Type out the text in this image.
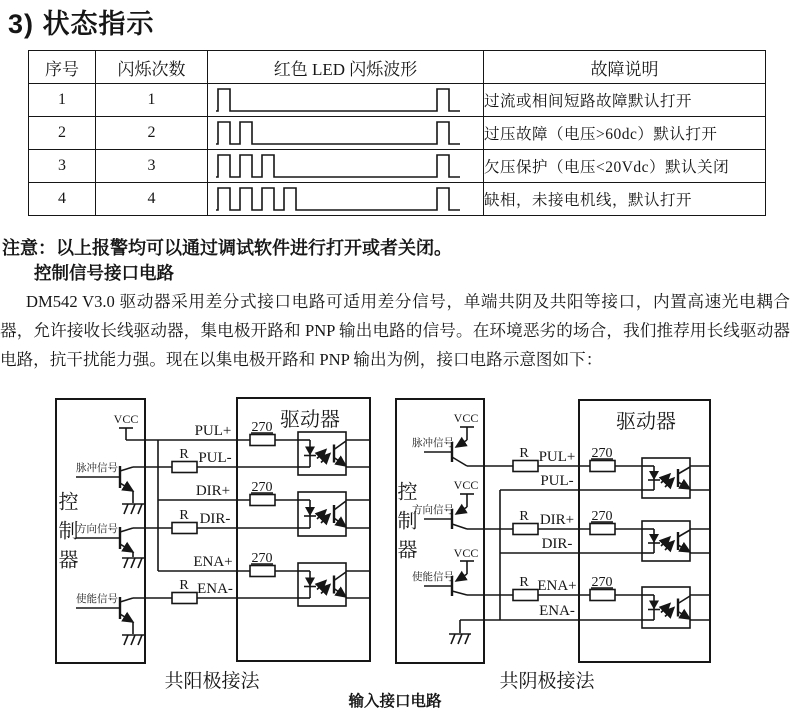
3) 状态指示
序号	闪烁次数	红色 LED 闪烁波形	故障说明
1	1		过流或相间短路故障默认打开
2	2		过压故障（电压>60dc）默认打开
3	3		欠压保护（电压<20Vdc）默认关闭
4	4		缺相，未接电机线，默认打开
注意：以上报警均可以通过调试软件进行打开或者关闭。
控制信号接口电路
DM542 V3.0 驱动器采用差分式接口电路可适用差分信号，单端共阴及共阳等接口，内置高速光电耦合器，允许接收长线驱动器，集电极开路和 PNP 输出电路的信号。在环境恶劣的场合，我们推荐用长线驱动器电路，抗干扰能力强。现在以集电极开路和 PNP 输出为例，接口电路示意图如下：
驱动器
VCC
270
270
270
R
R
R
PUL+
PUL-
DIR+
DIR-
ENA+
ENA-
脉冲信号
方向信号
使能信号
共阳极接法
驱动器
VCC
脉冲信号
VCC
方向信号
VCC
使能信号
R
R
R
270
270
270
PUL+
PUL-
DIR+
DIR-
ENA+
ENA-
共阴极接法
控制器	控制器
输入接口电路
